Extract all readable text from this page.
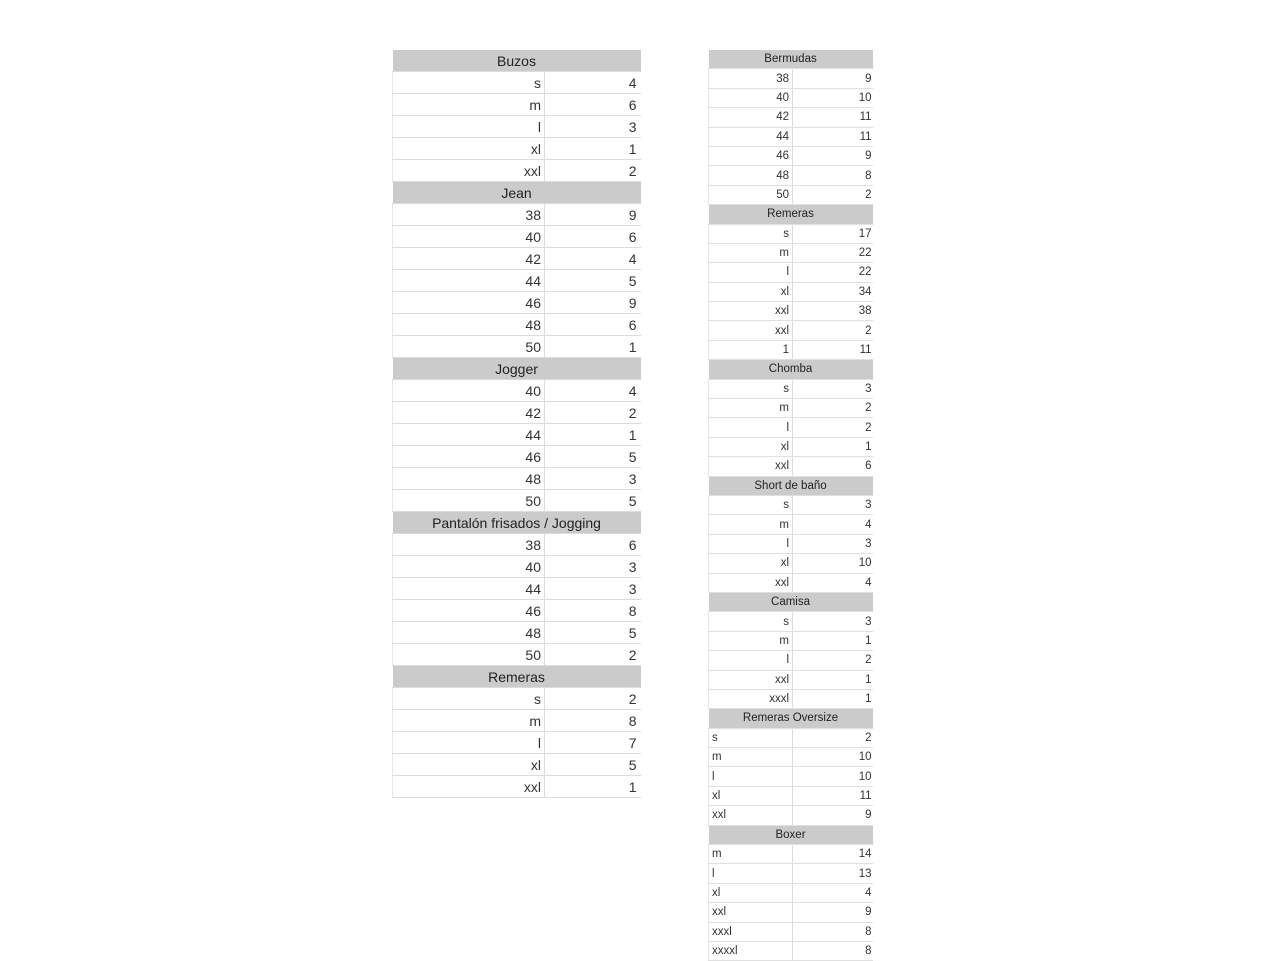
Buzos	
s	4
m	6
l	3
xl	1
xxl	2
Jean	
38	9
40	6
42	4
44	5
46	9
48	6
50	1
Jogger	
40	4
42	2
44	1
46	5
48	3
50	5
Pantalón frisados / Jogging	
38	6
40	3
44	3
46	8
48	5
50	2
Remeras	
s	2
m	8
l	7
xl	5
xxl	1
Bermudas	
38	9
40	10
42	11
44	11
46	9
48	8
50	2
Remeras	
s	17
m	22
l	22
xl	34
xxl	38
xxl	2
1	11
Chomba	
s	3
m	2
l	2
xl	1
xxl	6
Short de baño	
s	3
m	4
l	3
xl	10
xxl	4
Camisa	
s	3
m	1
l	2
xxl	1
xxxl	1
Remeras Oversize	
s	2
m	10
l	10
xl	11
xxl	9
Boxer	
m	14
l	13
xl	4
xxl	9
xxxl	8
xxxxl	8
